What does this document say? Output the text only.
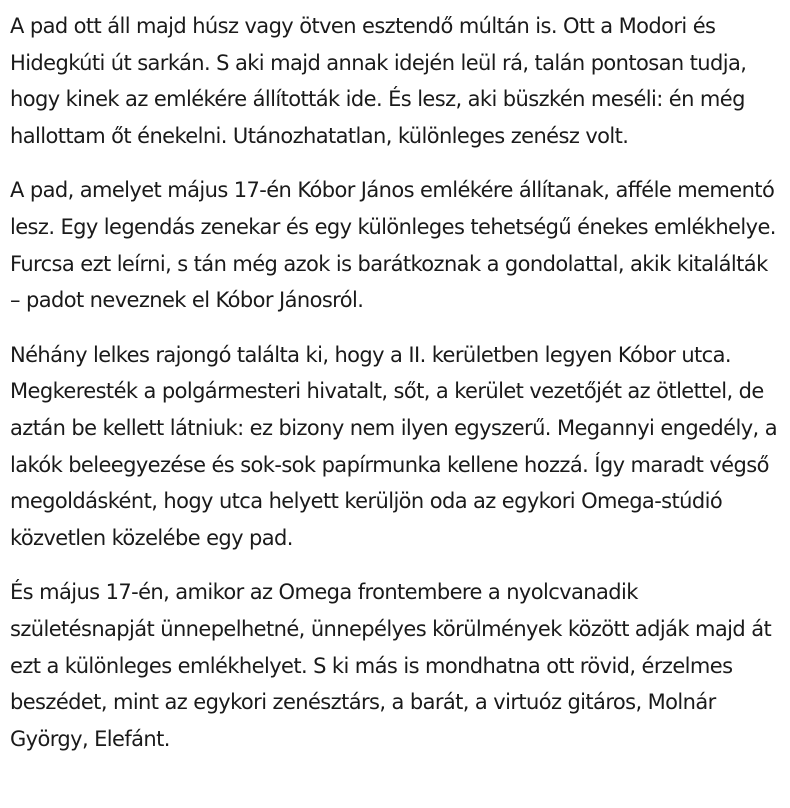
A pad ott áll majd húsz vagy ötven esztendő múltán is. Ott a Modori és Hidegkúti út sarkán. S aki majd annak idején leül rá, talán pontosan tudja, hogy kinek az emlékére állították ide. És lesz, aki büszkén meséli: én még hallottam őt énekelni. Utánozhatatlan, különleges zenész volt.

A pad, amelyet május 17-én Kóbor János emlékére állítanak, afféle mementó lesz. Egy legendás zenekar és egy különleges tehetségű énekes emlékhelye. Furcsa ezt leírni, s tán még azok is barátkoznak a gondolattal, akik kitalálták – padot neveznek el Kóbor Jánosról.

Néhány lelkes rajongó találta ki, hogy a II. kerületben legyen Kóbor utca. Megkeresték a polgármesteri hivatalt, sőt, a kerület vezetőjét az ötlettel, de aztán be kellett látniuk: ez bizony nem ilyen egyszerű. Megannyi engedély, a lakók beleegyezése és sok-sok papírmunka kellene hozzá. Így maradt végső megoldásként, hogy utca helyett kerüljön oda az egykori Omega-stúdió közvetlen közelébe egy pad.

És május 17-én, amikor az Omega frontembere a nyolcvanadik születésnapját ünnepelhetné, ünnepélyes körülmények között adják majd át ezt a különleges emlékhelyet. S ki más is mondhatna ott rövid, érzelmes beszédet, mint az egykori zenésztárs, a barát, a virtuóz gitáros, Molnár György, Elefánt.
